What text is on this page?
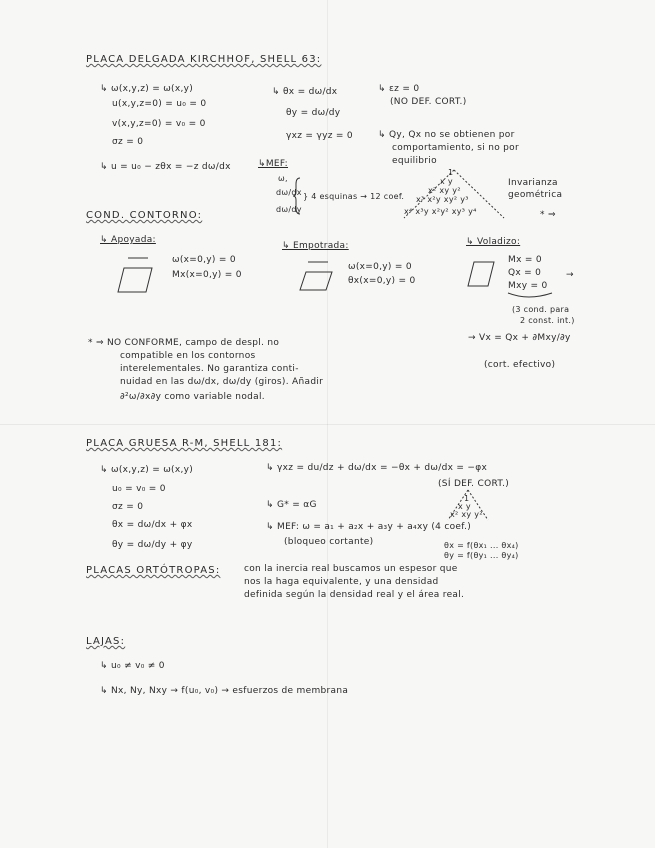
PLACA DELGADA KIRCHHOF, SHELL 63:
↳ ω(x,y,z) = ω(x,y)
u(x,y,z=0) = u₀ = 0
v(x,y,z=0) = v₀ = 0
σz = 0
↳ u = u₀ − zθx = −z dω/dx
↳ θx = dω/dx
θy = dω/dy
γxz = γyz = 0
↳ εz = 0
(NO DEF. CORT.)
↳ Qy, Qx no se obtienen por
comportamiento, si no por
equilibrio
↳MEF:
ω,
dω/dx
dω/dy
} 4 esquinas → 12 coef.
1
x y
x² xy y²
x³ x²y xy² y³
x⁴ x³y x²y² xy³ y⁴
Invarianza
geométrica
* ⇒
COND. CONTORNO:
↳ Apoyada:
ω(x=0,y) = 0
Mx(x=0,y) = 0
↳ Empotrada:
ω(x=0,y) = 0
θx(x=0,y) = 0
↳ Voladizo:
Mx = 0
Qx = 0
Mxy = 0
→
(3 cond. para
2 const. int.)
* ⇒ NO CONFORME, campo de despl. no
compatible en los contornos
interelementales. No garantiza conti-
nuidad en las dω/dx, dω/dy (giros). Añadir
∂²ω/∂x∂y como variable nodal.
→ Vx = Qx + ∂Mxy/∂y
(cort. efectivo)
PLACA GRUESA R-M, SHELL 181:
↳ ω(x,y,z) = ω(x,y)
u₀ = v₀ = 0
σz = 0
θx = dω/dx + φx
θy = dω/dy + φy
↳ γxz = du/dz + dω/dx = −θx + dω/dx = −φx
(SÍ DEF. CORT.)
↳ G* = αG
↳ MEF: ω = a₁ + a₂x + a₃y + a₄xy (4 coef.)
(bloqueo cortante)	θx = f(θx₁ ... θx₄)
θy = f(θy₁ ... θy₄)
1
x y
x² xy y²
PLACAS ORTÓTROPAS:	con la inercia real buscamos un espesor que
nos la haga equivalente, y una densidad
definida según la densidad real y el área real.
LAJAS:
↳ u₀ ≠ v₀ ≠ 0
↳ Nx, Ny, Nxy → f(u₀, v₀) → esfuerzos de membrana
